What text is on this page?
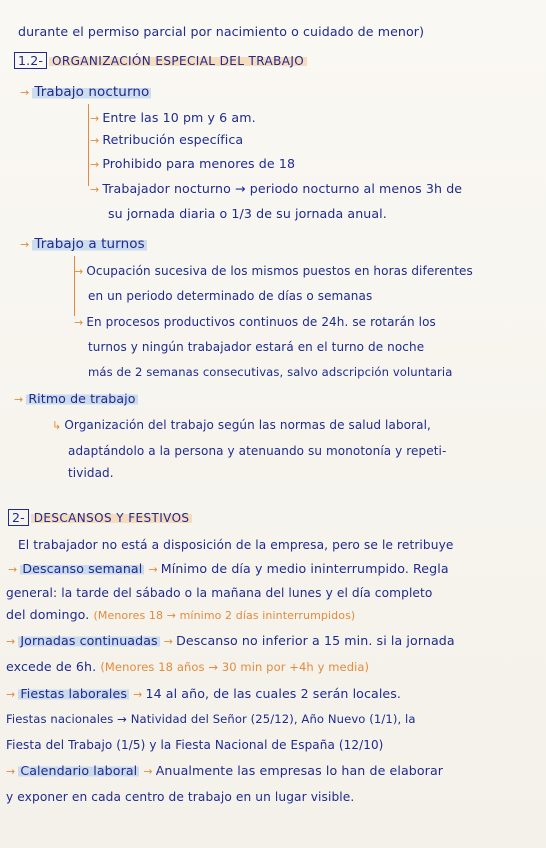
durante el permiso parcial por nacimiento o cuidado de menor)
1.2- ORGANIZACIÓN ESPECIAL DEL TRABAJO
→ Trabajo nocturno
→ Entre las 10 pm y 6 am.
→ Retribución específica
→ Prohibido para menores de 18
→ Trabajador nocturno → periodo nocturno al menos 3h de
su jornada diaria o 1/3 de su jornada anual.
→ Trabajo a turnos
→ Ocupación sucesiva de los mismos puestos en horas diferentes
en un periodo determinado de días o semanas
→ En procesos productivos continuos de 24h. se rotarán los
turnos y ningún trabajador estará en el turno de noche
más de 2 semanas consecutivas, salvo adscripción voluntaria
→ Ritmo de trabajo
↳ Organización del trabajo según las normas de salud laboral,
adaptándolo a la persona y atenuando su monotonía y repeti-
tividad.
2- DESCANSOS Y FESTIVOS
El trabajador no está a disposición de la empresa, pero se le retribuye
→ Descanso semanal → Mínimo de día y medio ininterrumpido. Regla
general: la tarde del sábado o la mañana del lunes y el día completo
del domingo. (Menores 18 → mínimo 2 días ininterrumpidos)
→ Jornadas continuadas → Descanso no inferior a 15 min. si la jornada
excede de 6h. (Menores 18 años → 30 min por +4h y media)
→ Fiestas laborales → 14 al año, de las cuales 2 serán locales.
Fiestas nacionales → Natividad del Señor (25/12), Año Nuevo (1/1), la
Fiesta del Trabajo (1/5) y la Fiesta Nacional de España (12/10)
→ Calendario laboral → Anualmente las empresas lo han de elaborar
y exponer en cada centro de trabajo en un lugar visible.
